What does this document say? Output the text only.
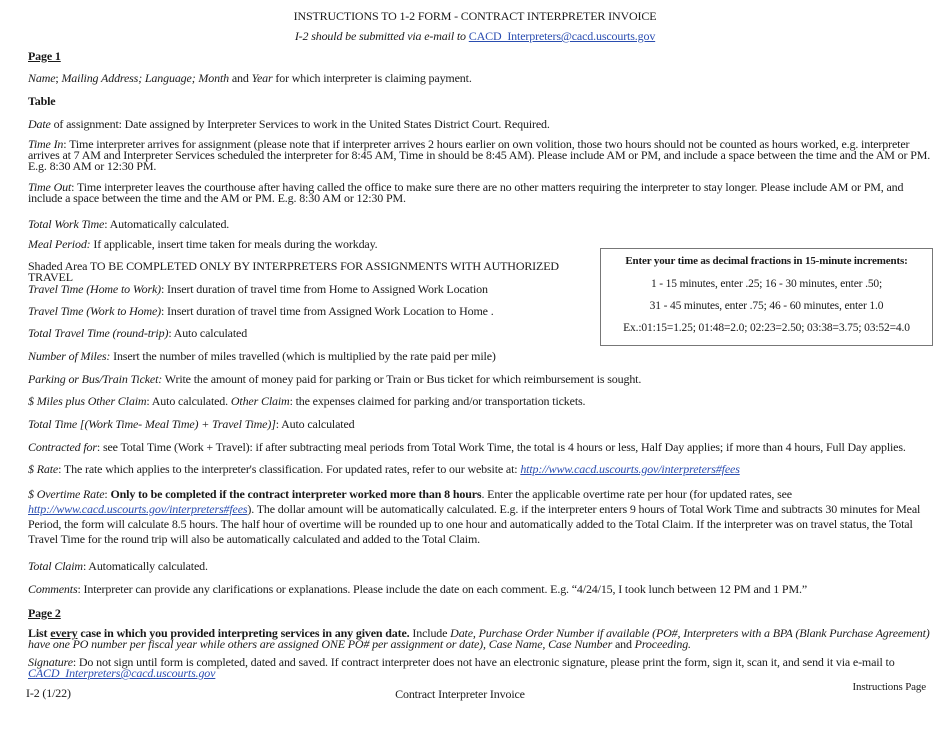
INSTRUCTIONS TO 1-2 FORM - CONTRACT INTERPRETER INVOICE
I-2 should be submitted via e-mail to CACD_Interpreters@cacd.uscourts.gov
Page 1
Name; Mailing Address; Language; Month and Year for which interpreter is claiming payment.
Table
Date of assignment: Date assigned by Interpreter Services to work in the United States District Court. Required.
Time In: Time interpreter arrives for assignment (please note that if interpreter arrives 2 hours earlier on own volition, those two hours should not be counted as hours worked, e.g. interpreter arrives at 7 AM and Interpreter Services scheduled the interpreter for 8:45 AM, Time in should be 8:45 AM). Please include AM or PM, and include a space between the time and the AM or PM. E.g. 8:30 AM or 12:30 PM.
Time Out: Time interpreter leaves the courthouse after having called the office to make sure there are no other matters requiring the interpreter to stay longer. Please include AM or PM, and include a space between the time and the AM or PM. E.g. 8:30 AM or 12:30 PM.
Total Work Time: Automatically calculated.
Meal Period: If applicable, insert time taken for meals during the workday.
Shaded Area TO BE COMPLETED ONLY BY INTERPRETERS FOR ASSIGNMENTS WITH AUTHORIZED TRAVEL
Travel Time (Home to Work): Insert duration of travel time from Home to Assigned Work Location
Travel Time (Work to Home): Insert duration of travel time from Assigned Work Location to Home .
Total Travel Time (round-trip): Auto calculated
Number of Miles: Insert the number of miles travelled (which is multiplied by the rate paid per mile)
Parking or Bus/Train Ticket: Write the amount of money paid for parking or Train or Bus ticket for which reimbursement is sought.
$ Miles plus Other Claim: Auto calculated. Other Claim: the expenses claimed for parking and/or transportation tickets.
Total Time [(Work Time- Meal Time) + Travel Time)]: Auto calculated
Contracted for: see Total Time (Work + Travel): if after subtracting meal periods from Total Work Time, the total is 4 hours or less, Half Day applies; if more than 4 hours, Full Day applies.
$ Rate: The rate which applies to the interpreter's classification. For updated rates, refer to our website at: http://www.cacd.uscourts.gov/interpreters#fees
$ Overtime Rate: Only to be completed if the contract interpreter worked more than 8 hours. Enter the applicable overtime rate per hour (for updated rates, see http://www.cacd.uscourts.gov/interpreters#fees). The dollar amount will be automatically calculated. E.g. if the interpreter enters 9 hours of Total Work Time and subtracts 30 minutes for Meal Period, the form will calculate 8.5 hours. The half hour of overtime will be rounded up to one hour and automatically added to the Total Claim. If the interpreter was on travel status, the Total Travel Time for the round trip will also be automatically calculated and added to the Total Claim.
Total Claim: Automatically calculated.
Comments: Interpreter can provide any clarifications or explanations. Please include the date on each comment. E.g. “4/24/15, I took lunch between 12 PM and 1 PM.”
Enter your time as decimal fractions in 15-minute increments:
1 - 15 minutes, enter .25; 16 - 30 minutes, enter .50;
31 - 45 minutes, enter .75; 46 - 60 minutes, enter 1.0
Ex.:01:15=1.25; 01:48=2.0; 02:23=2.50; 03:38=3.75; 03:52=4.0
Page 2
List every case in which you provided interpreting services in any given date. Include Date, Purchase Order Number if available (PO#, Interpreters with a BPA (Blank Purchase Agreement) have one PO number per fiscal year while others are assigned ONE PO# per assignment or date), Case Name, Case Number and Proceeding.
Signature: Do not sign until form is completed, dated and saved. If contract interpreter does not have an electronic signature, please print the form, sign it, scan it, and send it via e-mail to CACD_Interpreters@cacd.uscourts.gov
I-2 (1/22)	Contract Interpreter Invoice	Instructions Page
